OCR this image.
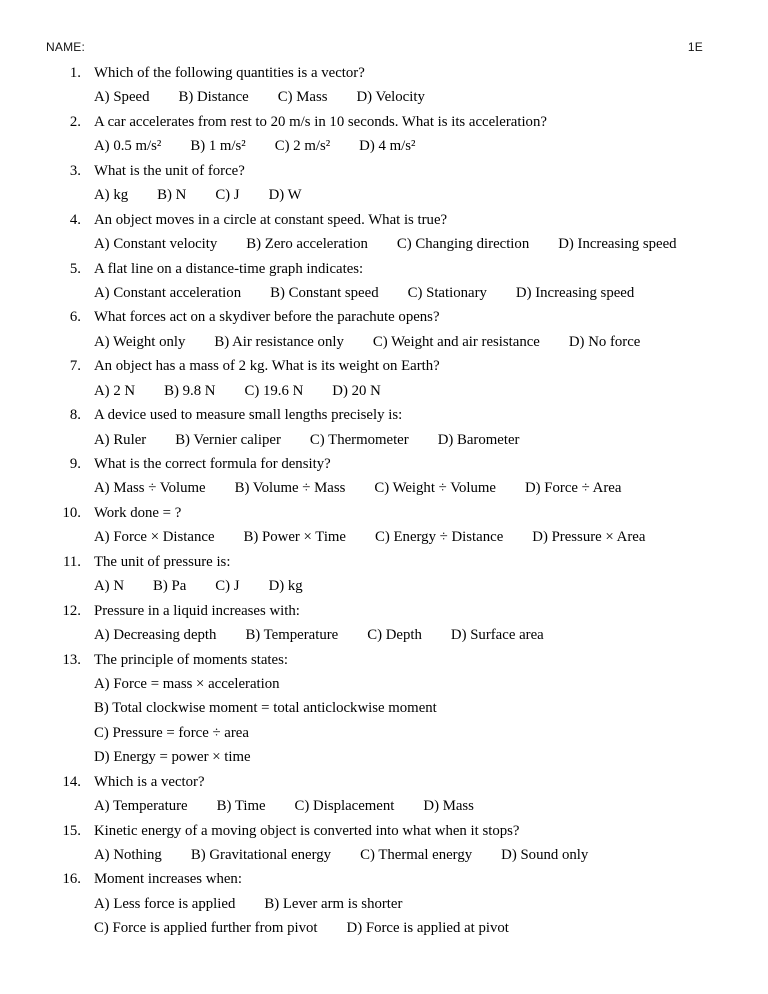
NAME:	1E
1. Which of the following quantities is a vector?
A) Speed B) Distance C) Mass D) Velocity
2. A car accelerates from rest to 20 m/s in 10 seconds. What is its acceleration?
A) 0.5 m/s² B) 1 m/s² C) 2 m/s² D) 4 m/s²
3. What is the unit of force?
A) kg B) N C) J D) W
4. An object moves in a circle at constant speed. What is true?
A) Constant velocity B) Zero acceleration C) Changing direction D) Increasing speed
5. A flat line on a distance-time graph indicates:
A) Constant acceleration B) Constant speed C) Stationary D) Increasing speed
6. What forces act on a skydiver before the parachute opens?
A) Weight only B) Air resistance only C) Weight and air resistance D) No force
7. An object has a mass of 2 kg. What is its weight on Earth?
A) 2 N B) 9.8 N C) 19.6 N D) 20 N
8. A device used to measure small lengths precisely is:
A) Ruler B) Vernier caliper C) Thermometer D) Barometer
9. What is the correct formula for density?
A) Mass ÷ Volume B) Volume ÷ Mass C) Weight ÷ Volume D) Force ÷ Area
10. Work done = ?
A) Force × Distance B) Power × Time C) Energy ÷ Distance D) Pressure × Area
11. The unit of pressure is:
A) N B) Pa C) J D) kg
12. Pressure in a liquid increases with:
A) Decreasing depth B) Temperature C) Depth D) Surface area
13. The principle of moments states:
A) Force = mass × acceleration
B) Total clockwise moment = total anticlockwise moment
C) Pressure = force ÷ area
D) Energy = power × time
14. Which is a vector?
A) Temperature B) Time C) Displacement D) Mass
15. Kinetic energy of a moving object is converted into what when it stops?
A) Nothing B) Gravitational energy C) Thermal energy D) Sound only
16. Moment increases when:
A) Less force is applied B) Lever arm is shorter
C) Force is applied further from pivot D) Force is applied at pivot
